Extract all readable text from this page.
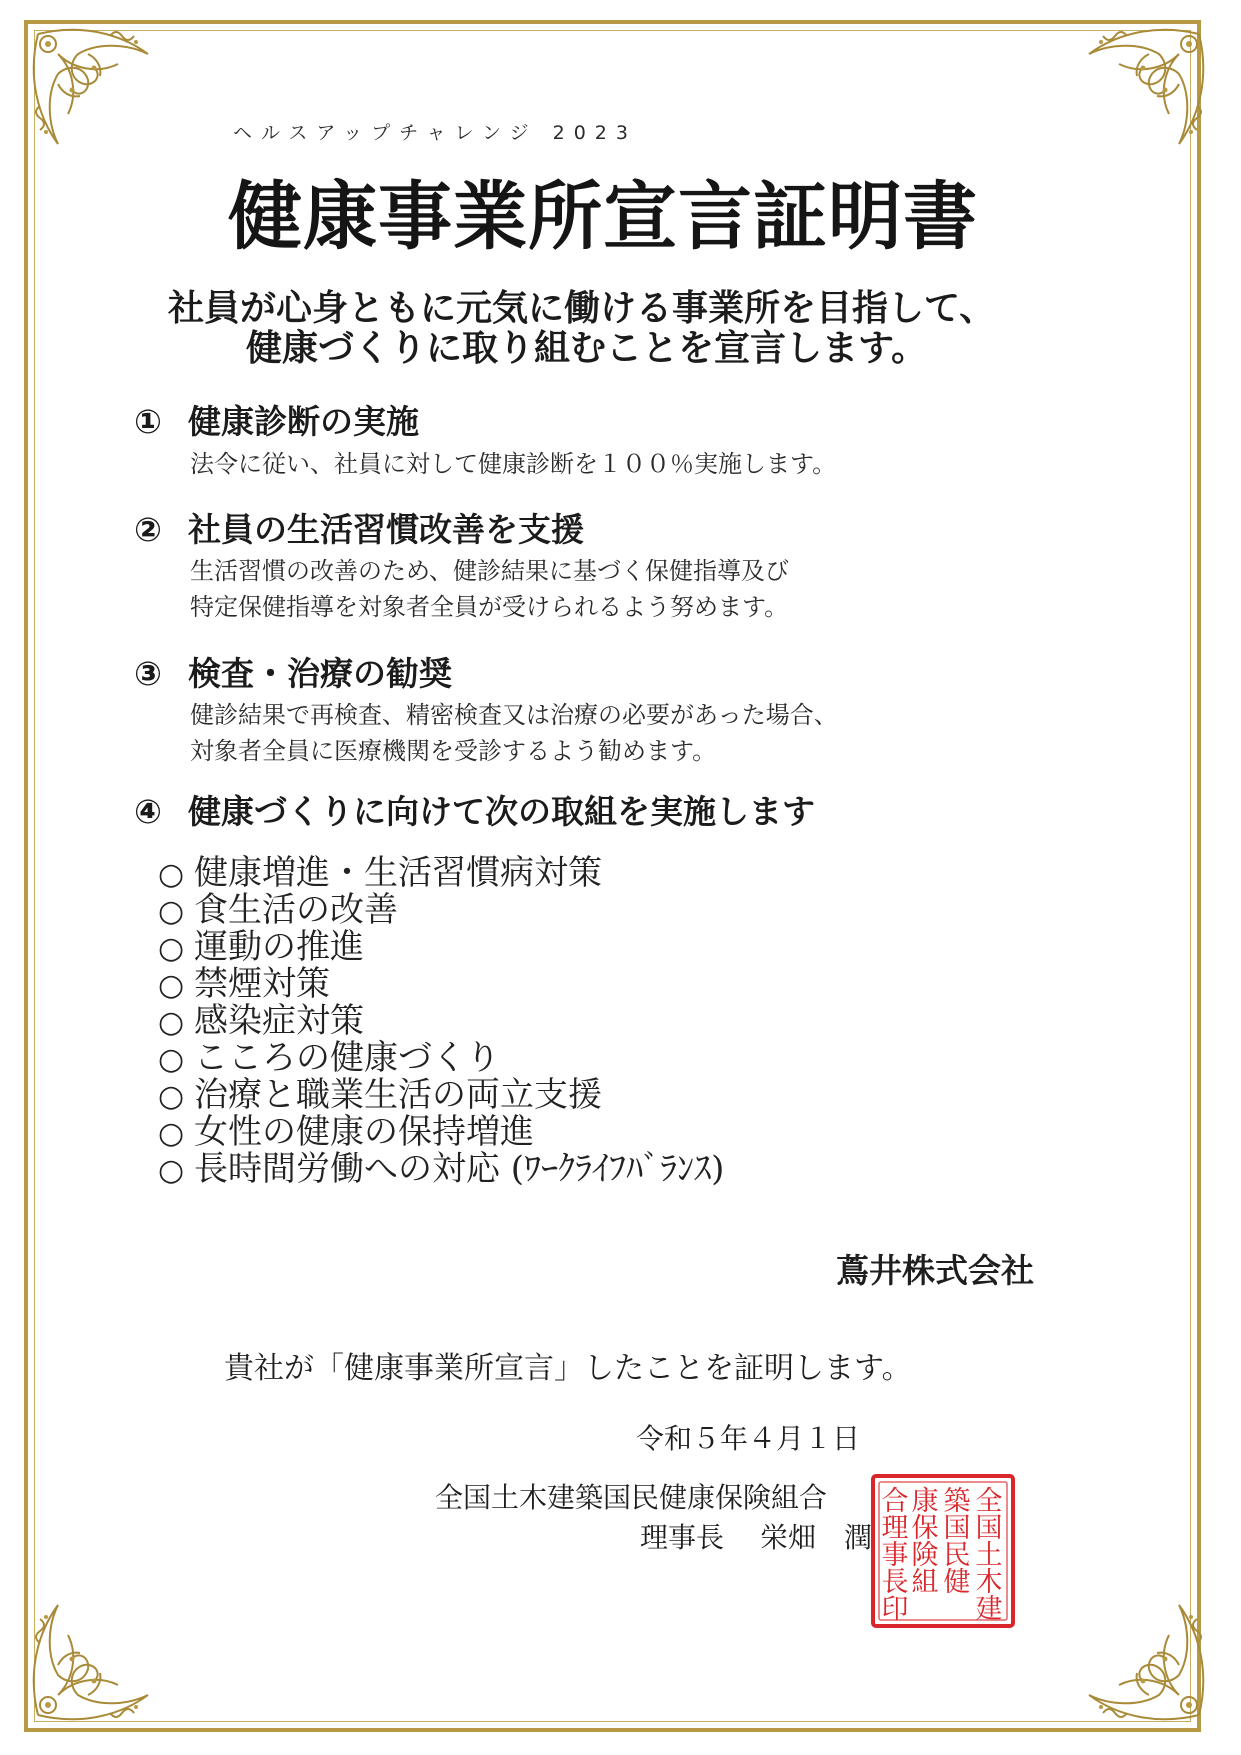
ヘルスアップチャレンジ 2023
健康事業所宣言証明書
社員が心身ともに元気に働ける事業所を目指して、
健康づくりに取り組むことを宣言します。
① 健康診断の実施
法令に従い、社員に対して健康診断を１００％実施します。
② 社員の生活習慣改善を支援
生活習慣の改善のため、健診結果に基づく保健指導及び
特定保健指導を対象者全員が受けられるよう努めます。
③ 検査・治療の勧奨
健診結果で再検査、精密検査又は治療の必要があった場合、
対象者全員に医療機関を受診するよう勧めます。
④ 健康づくりに向けて次の取組を実施します
○ 健康増進・生活習慣病対策
○ 食生活の改善
○ 運動の推進
○ 禁煙対策
○ 感染症対策
○ こころの健康づくり
○ 治療と職業生活の両立支援
○ 女性の健康の保持増進
○ 長時間労働への対応 (ﾜｰｸﾗｲﾌﾊﾞﾗﾝｽ)
蔦井株式会社
貴社が「健康事業所宣言」したことを証明します。
令和５年４月１日
全国土木建築国民健康保険組合
理事長 栄畑　潤
全
国
土
木
建
築
国
民
健
康
保
険
組
合
理
事
長
印
